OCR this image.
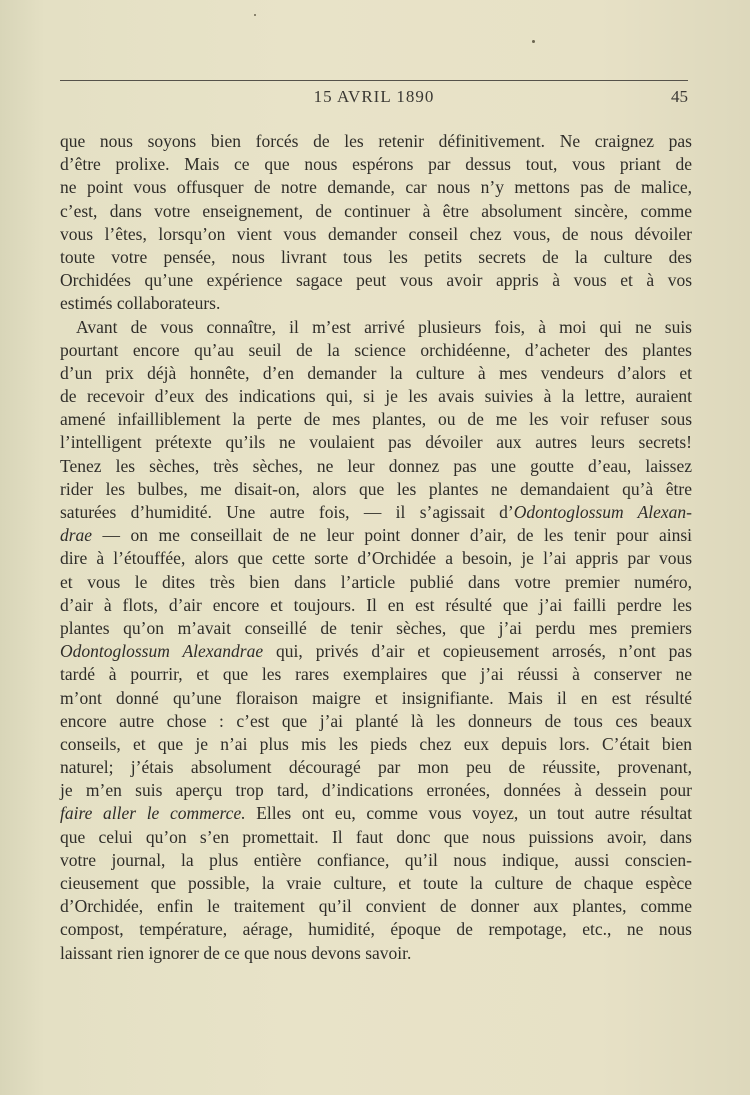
15 AVRIL 1890	45
que nous soyons bien forcés de les retenir définitivement. Ne craignez pas
d’être prolixe. Mais ce que nous espérons par dessus tout, vous priant de
ne point vous offusquer de notre demande, car nous n’y mettons pas de malice,
c’est, dans votre enseignement, de continuer à être absolument sincère, comme
vous l’êtes, lorsqu’on vient vous demander conseil chez vous, de nous dévoiler
toute votre pensée, nous livrant tous les petits secrets de la culture des
Orchidées qu’une expérience sagace peut vous avoir appris à vous et à vos
estimés collaborateurs.
Avant de vous connaître, il m’est arrivé plusieurs fois, à moi qui ne suis
pourtant encore qu’au seuil de la science orchidéenne, d’acheter des plantes
d’un prix déjà honnête, d’en demander la culture à mes vendeurs d’alors et
de recevoir d’eux des indications qui, si je les avais suivies à la lettre, auraient
amené infailliblement la perte de mes plantes, ou de me les voir refuser sous
l’intelligent prétexte qu’ils ne voulaient pas dévoiler aux autres leurs secrets!
Tenez les sèches, très sèches, ne leur donnez pas une goutte d’eau, laissez
rider les bulbes, me disait-on, alors que les plantes ne demandaient qu’à être
saturées d’humidité. Une autre fois, — il s’agissait d’Odontoglossum Alexan-
drae — on me conseillait de ne leur point donner d’air, de les tenir pour ainsi
dire à l’étouffée, alors que cette sorte d’Orchidée a besoin, je l’ai appris par vous
et vous le dites très bien dans l’article publié dans votre premier numéro,
d’air à flots, d’air encore et toujours. Il en est résulté que j’ai failli perdre les
plantes qu’on m’avait conseillé de tenir sèches, que j’ai perdu mes premiers
Odontoglossum Alexandrae qui, privés d’air et copieusement arrosés, n’ont pas
tardé à pourrir, et que les rares exemplaires que j’ai réussi à conserver ne
m’ont donné qu’une floraison maigre et insignifiante. Mais il en est résulté
encore autre chose : c’est que j’ai planté là les donneurs de tous ces beaux
conseils, et que je n’ai plus mis les pieds chez eux depuis lors. C’était bien
naturel; j’étais absolument découragé par mon peu de réussite, provenant,
je m’en suis aperçu trop tard, d’indications erronées, données à dessein pour
faire aller le commerce. Elles ont eu, comme vous voyez, un tout autre résultat
que celui qu’on s’en promettait. Il faut donc que nous puissions avoir, dans
votre journal, la plus entière confiance, qu’il nous indique, aussi conscien-
cieusement que possible, la vraie culture, et toute la culture de chaque espèce
d’Orchidée, enfin le traitement qu’il convient de donner aux plantes, comme
compost, température, aérage, humidité, époque de rempotage, etc., ne nous
laissant rien ignorer de ce que nous devons savoir.
